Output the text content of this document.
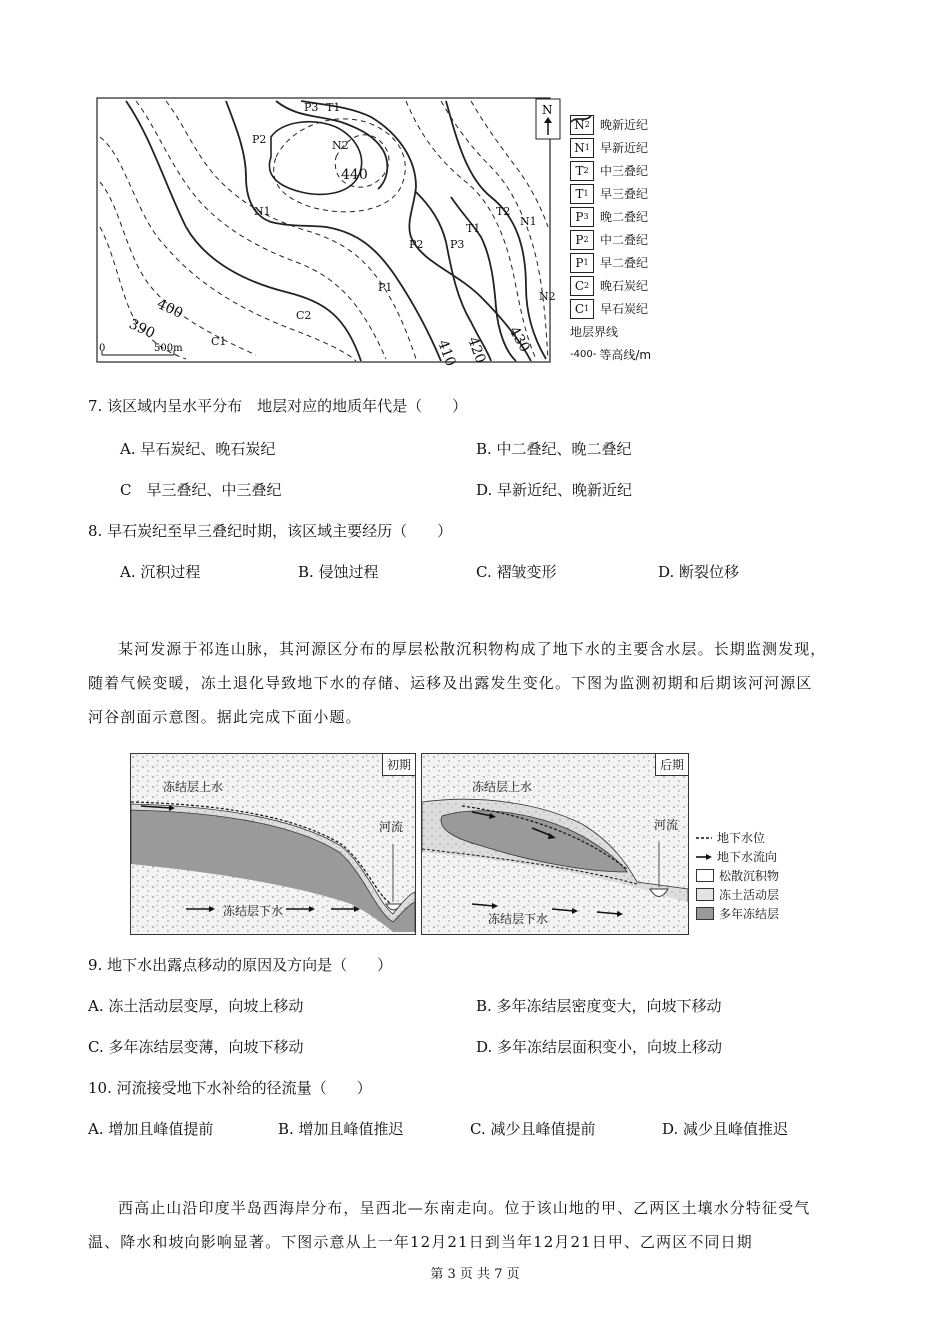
P3 T1
P2	N2
N1
P2 P3
T1
T2
N1
P1
N2
C2
C1
440
400
390
410 420 430
N
0	500m
N 2 晚新近纪
N 1 早新近纪
T 2 中三叠纪
T 1 早三叠纪
P 3 晚二叠纪
P 2 中二叠纪
P 1 早二叠纪
C 2 晚石炭纪
C 1 早石炭纪
地层界线
-400- 等高线/m
7. 该区域内呈水平分布　地层对应的地质年代是（　　）
A. 早石炭纪、晚石炭纪	B. 中二叠纪、晚二叠纪
C　早三叠纪、中三叠纪	D. 早新近纪、晚新近纪
8. 早石炭纪至早三叠纪时期，该区域主要经历（　　）
A. 沉积过程	B. 侵蚀过程	C. 褶皱变形	D. 断裂位移
某河发源于祁连山脉，其河源区分布的厚层松散沉积物构成了地下水的主要含水层。长期监测发现，随着气候变暖，冻土退化导致地下水的存储、运移及出露发生变化。下图为监测初期和后期该河河源区河谷剖面示意图。据此完成下面小题。
初期
冻结层上水
河流
冻结层下水
后期
冻结层上水
河流
冻结层下水
地下水位
地下水流向
松散沉积物
冻土活动层
多年冻结层
9. 地下水出露点移动的原因及方向是（　　）
A. 冻土活动层变厚，向坡上移动	B. 多年冻结层密度变大，向坡下移动
C. 多年冻结层变薄，向坡下移动	D. 多年冻结层面积变小，向坡上移动
10. 河流接受地下水补给的径流量（　　）
A. 增加且峰值提前	B. 增加且峰值推迟	C. 减少且峰值提前	D. 减少且峰值推迟
西高止山沿印度半岛西海岸分布，呈西北—东南走向。位于该山地的甲、乙两区土壤水分特征受气温、降水和坡向影响显著。下图示意从上一年12月21日到当年12月21日甲、乙两区不同日期
第 3 页 共 7 页
